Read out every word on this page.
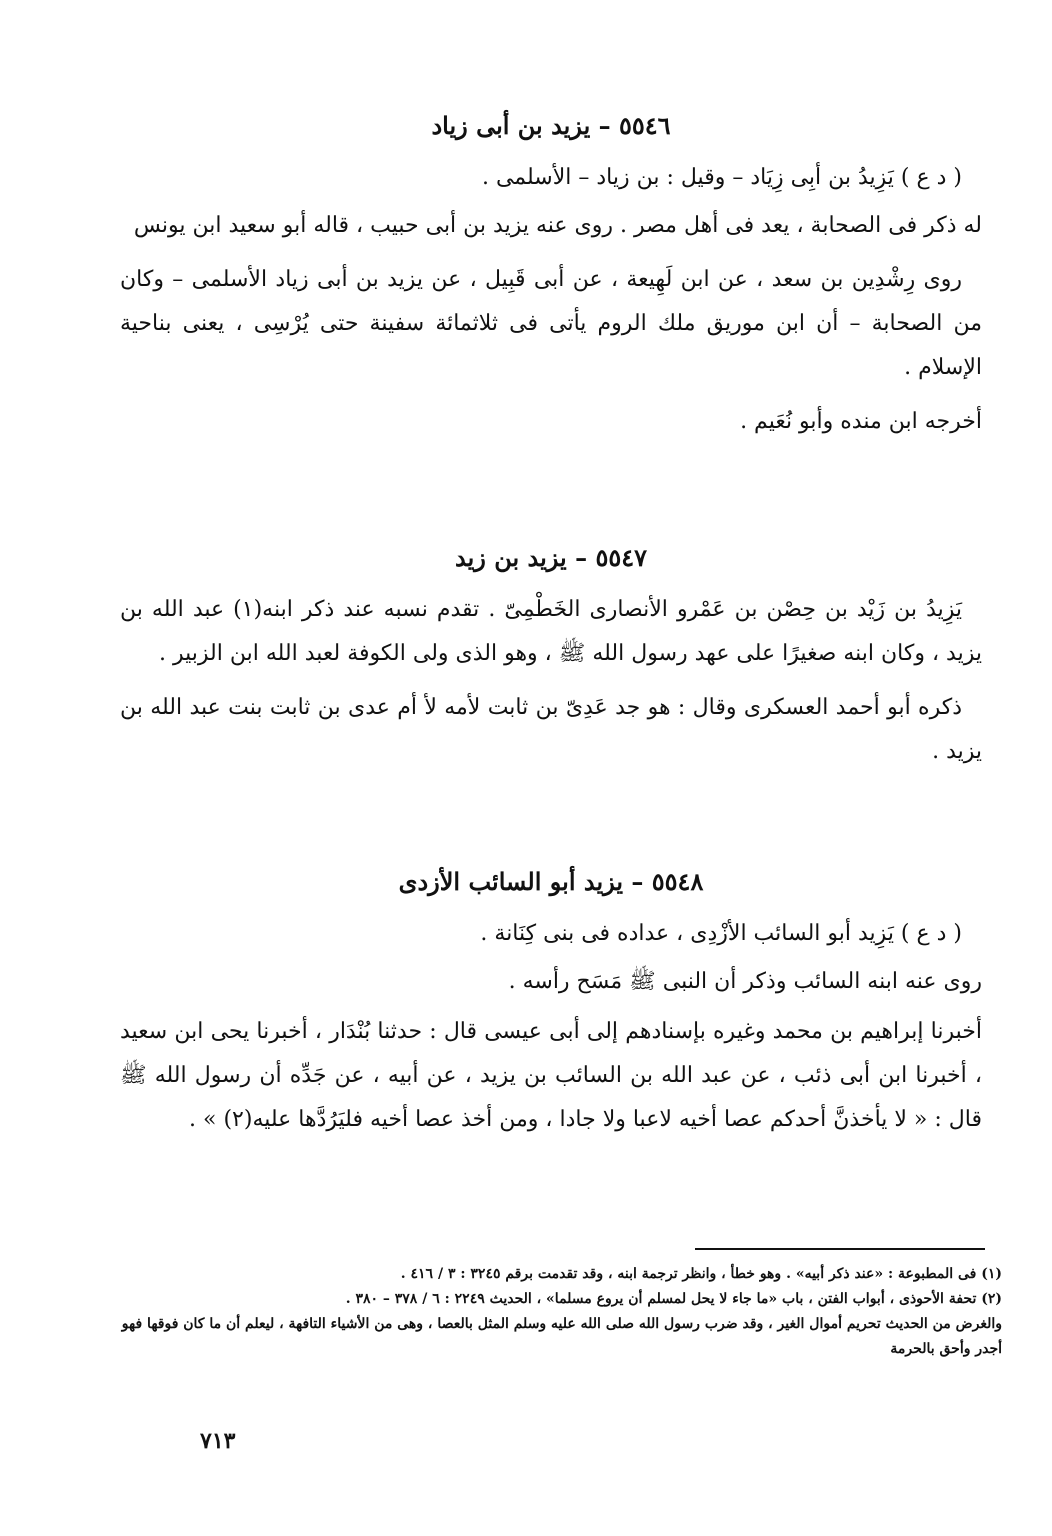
٥٥٤٦ – يزيد بن أبى زياد

( د ع ) يَزِيدُ بن أبِى زِيَاد – وقيل : بن زياد – الأسلمى .

له ذكر فى الصحابة ، يعد فى أهل مصر . روى عنه يزيد بن أبى حبيب ، قاله أبو سعيد ابن يونس

روى رِشْدِين بن سعد ، عن ابن لَهِيعة ، عن أبى قَبِيل ، عن يزيد بن أبى زياد الأسلمى – وكان من الصحابة – أن ابن موريق ملك الروم يأتى فى ثلاثمائة سفينة حتى يُرْسِى ، يعنى بناحية الإسلام .

أخرجه ابن منده وأبو نُعَيم .

٥٥٤٧ – يزيد بن زيد

يَزِيدُ بن زَيْد بن حِصْن بن عَمْرو الأنصارى الخَطْمِىّ . تقدم نسبه عند ذكر ابنه(١) عبد الله بن يزيد ، وكان ابنه صغيرًا على عهد رسول الله ﷺ ، وهو الذى ولى الكوفة لعبد الله ابن الزبير .

ذكره أبو أحمد العسكرى وقال : هو جد عَدِىّ بن ثابت لأمه لأ أم عدى بن ثابت بنت عبد الله بن يزيد .

٥٥٤٨ – يزيد أبو السائب الأزدى

( د ع ) يَزِيد أبو السائب الأزْدِى ، عداده فى بنى كِنَانة .

روى عنه ابنه السائب وذكر أن النبى ﷺ مَسَح رأسه .

أخبرنا إبراهيم بن محمد وغيره بإسنادهم إلى أبى عيسى قال : حدثنا بُنْدَار ، أخبرنا يحى ابن سعيد ، أخبرنا ابن أبى ذئب ، عن عبد الله بن السائب بن يزيد ، عن أبيه ، عن جَدِّه أن رسول الله ﷺ قال : « لا يأخذنَّ أحدكم عصا أخيه لاعبا ولا جادا ، ومن أخذ عصا أخيه فليَرُدَّها عليه(٢) » .

(١) فى المطبوعة : «عند ذكر أبيه» . وهو خطأ ، وانظر ترجمة ابنه ، وقد تقدمت برقم ٣٢٤٥ : ٣ / ٤١٦ .

(٢) تحفة الأحوذى ، أبواب الفتن ، باب «ما جاء لا يحل لمسلم أن يروع مسلما» ، الحديث ٢٢٤٩ : ٦ / ٣٧٨ – ٣٨٠ .

والغرض من الحديث تحريم أموال الغير ، وقد ضرب رسول الله صلى الله عليه وسلم المثل بالعصا ، وهى من الأشياء التافهة ، ليعلم أن ما كان فوقها فهو أجدر وأحق بالحرمة

٧١٣
